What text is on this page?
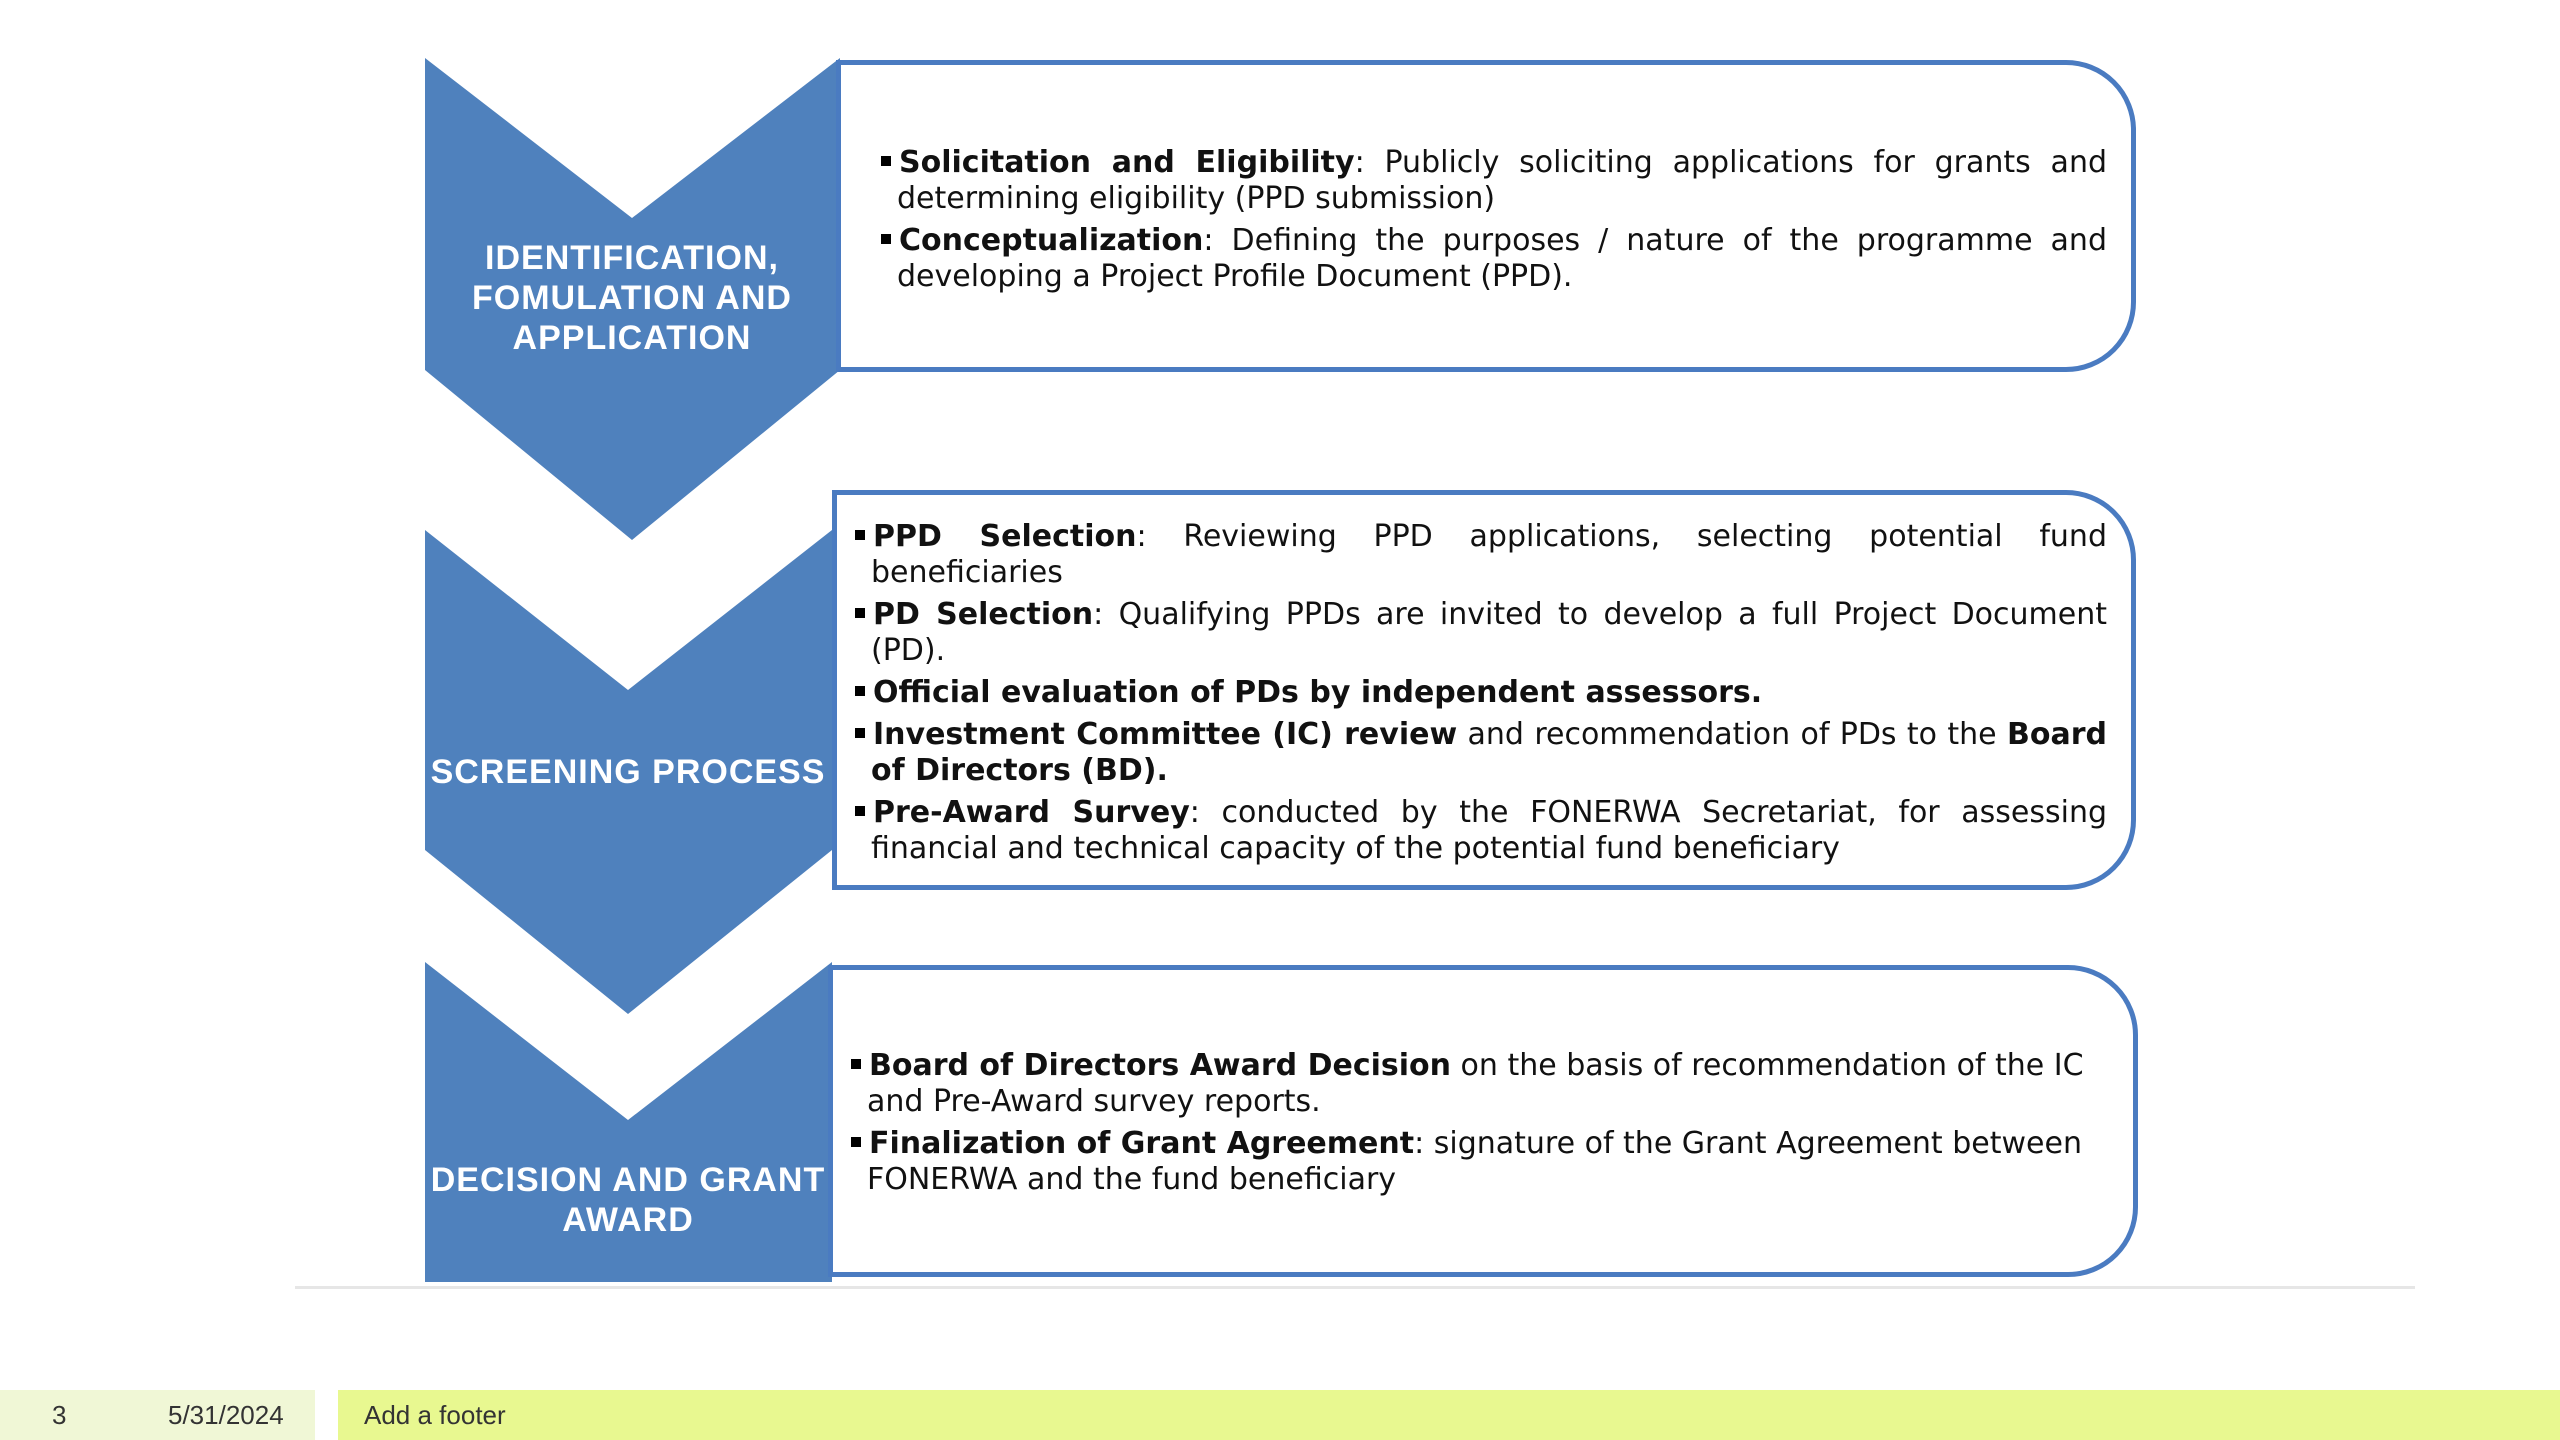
IDENTIFICATION, FOMULATION AND APPLICATION
SCREENING PROCESS
DECISION AND GRANT AWARD
Solicitation and Eligibility: Publicly soliciting applications for grants and determining eligibility (PPD submission)
Conceptualization: Defining the purposes / nature of the programme and developing a Project Profile Document (PPD).
PPD Selection: Reviewing PPD applications, selecting potential fund beneficiaries
PD Selection: Qualifying PPDs are invited to develop a full Project Document (PD).
Official evaluation of PDs by independent assessors.
Investment Committee (IC) review and recommendation of PDs to the Board of Directors (BD).
Pre-Award Survey: conducted by the FONERWA Secretariat, for assessing financial and technical capacity of the potential fund beneficiary
Board of Directors Award Decision on the basis of recommendation of the IC and Pre-Award survey reports.
Finalization of Grant Agreement: signature of the Grant Agreement between FONERWA and the fund beneficiary
3	5/31/2024	Add a footer
